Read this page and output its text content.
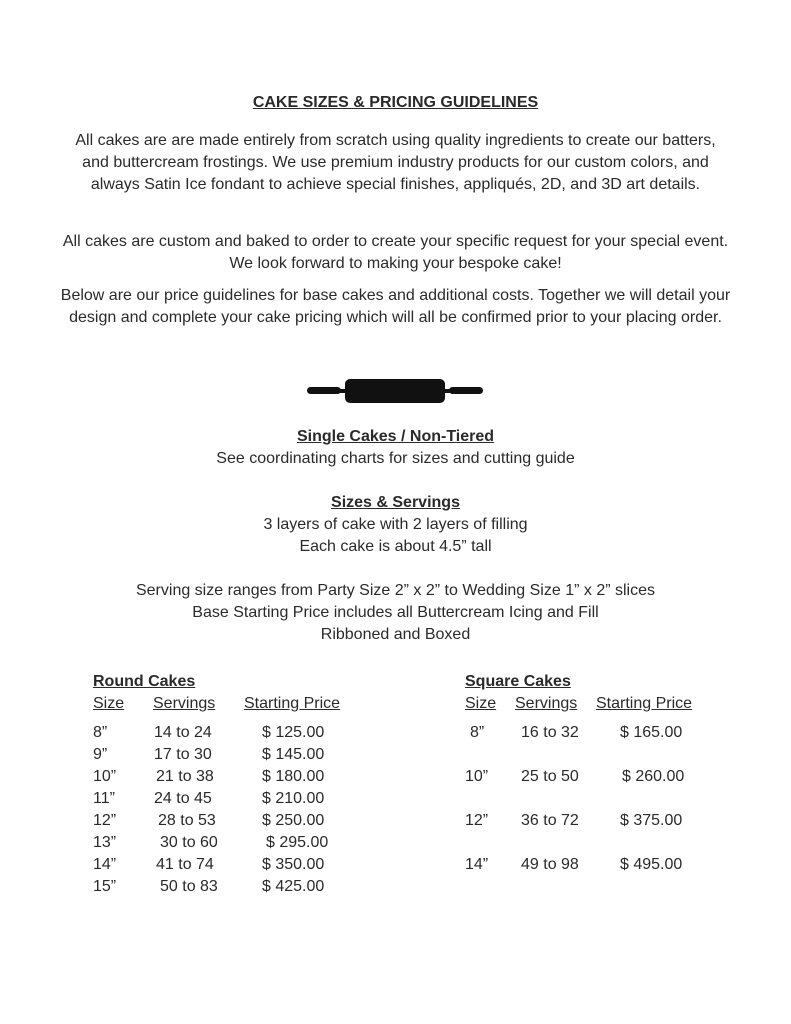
CAKE SIZES & PRICING GUIDELINES
All cakes are are made entirely from scratch using quality ingredients to create our batters, and buttercream frostings. We use premium industry products for our custom colors, and always Satin Ice fondant to achieve special finishes, appliqués, 2D, and 3D art details.
All cakes are custom and baked to order to create your specific request for your special event. We look forward to making your bespoke cake!
Below are our price guidelines for base cakes and additional costs. Together we will detail your design and complete your cake pricing which will all be confirmed prior to your placing order.
Single Cakes / Non-Tiered
See coordinating charts for sizes and cutting guide
Sizes & Servings
3 layers of cake with 2 layers of filling
Each cake is about 4.5” tall
Serving size ranges from Party Size 2” x 2” to Wedding Size 1” x 2” slices
Base Starting Price includes all Buttercream Icing and Fill
Ribboned and Boxed
Round Cakes
Size Servings Starting Price
8”	14 to 24	$ 125.00
9”	17 to 30	$ 145.00
10” 21 to 38	$ 180.00
11” 24 to 45	$ 210.00
12”	28 to 53	$ 250.00
13”	30 to 60	$ 295.00
14” 41 to 74	$ 350.00
15”	50 to 83	$ 425.00
Square Cakes
Size Servings Starting Price
8” 16 to 32	$ 165.00
10” 25 to 50	$ 260.00
12” 36 to 72	$ 375.00
14” 49 to 98	$ 495.00
